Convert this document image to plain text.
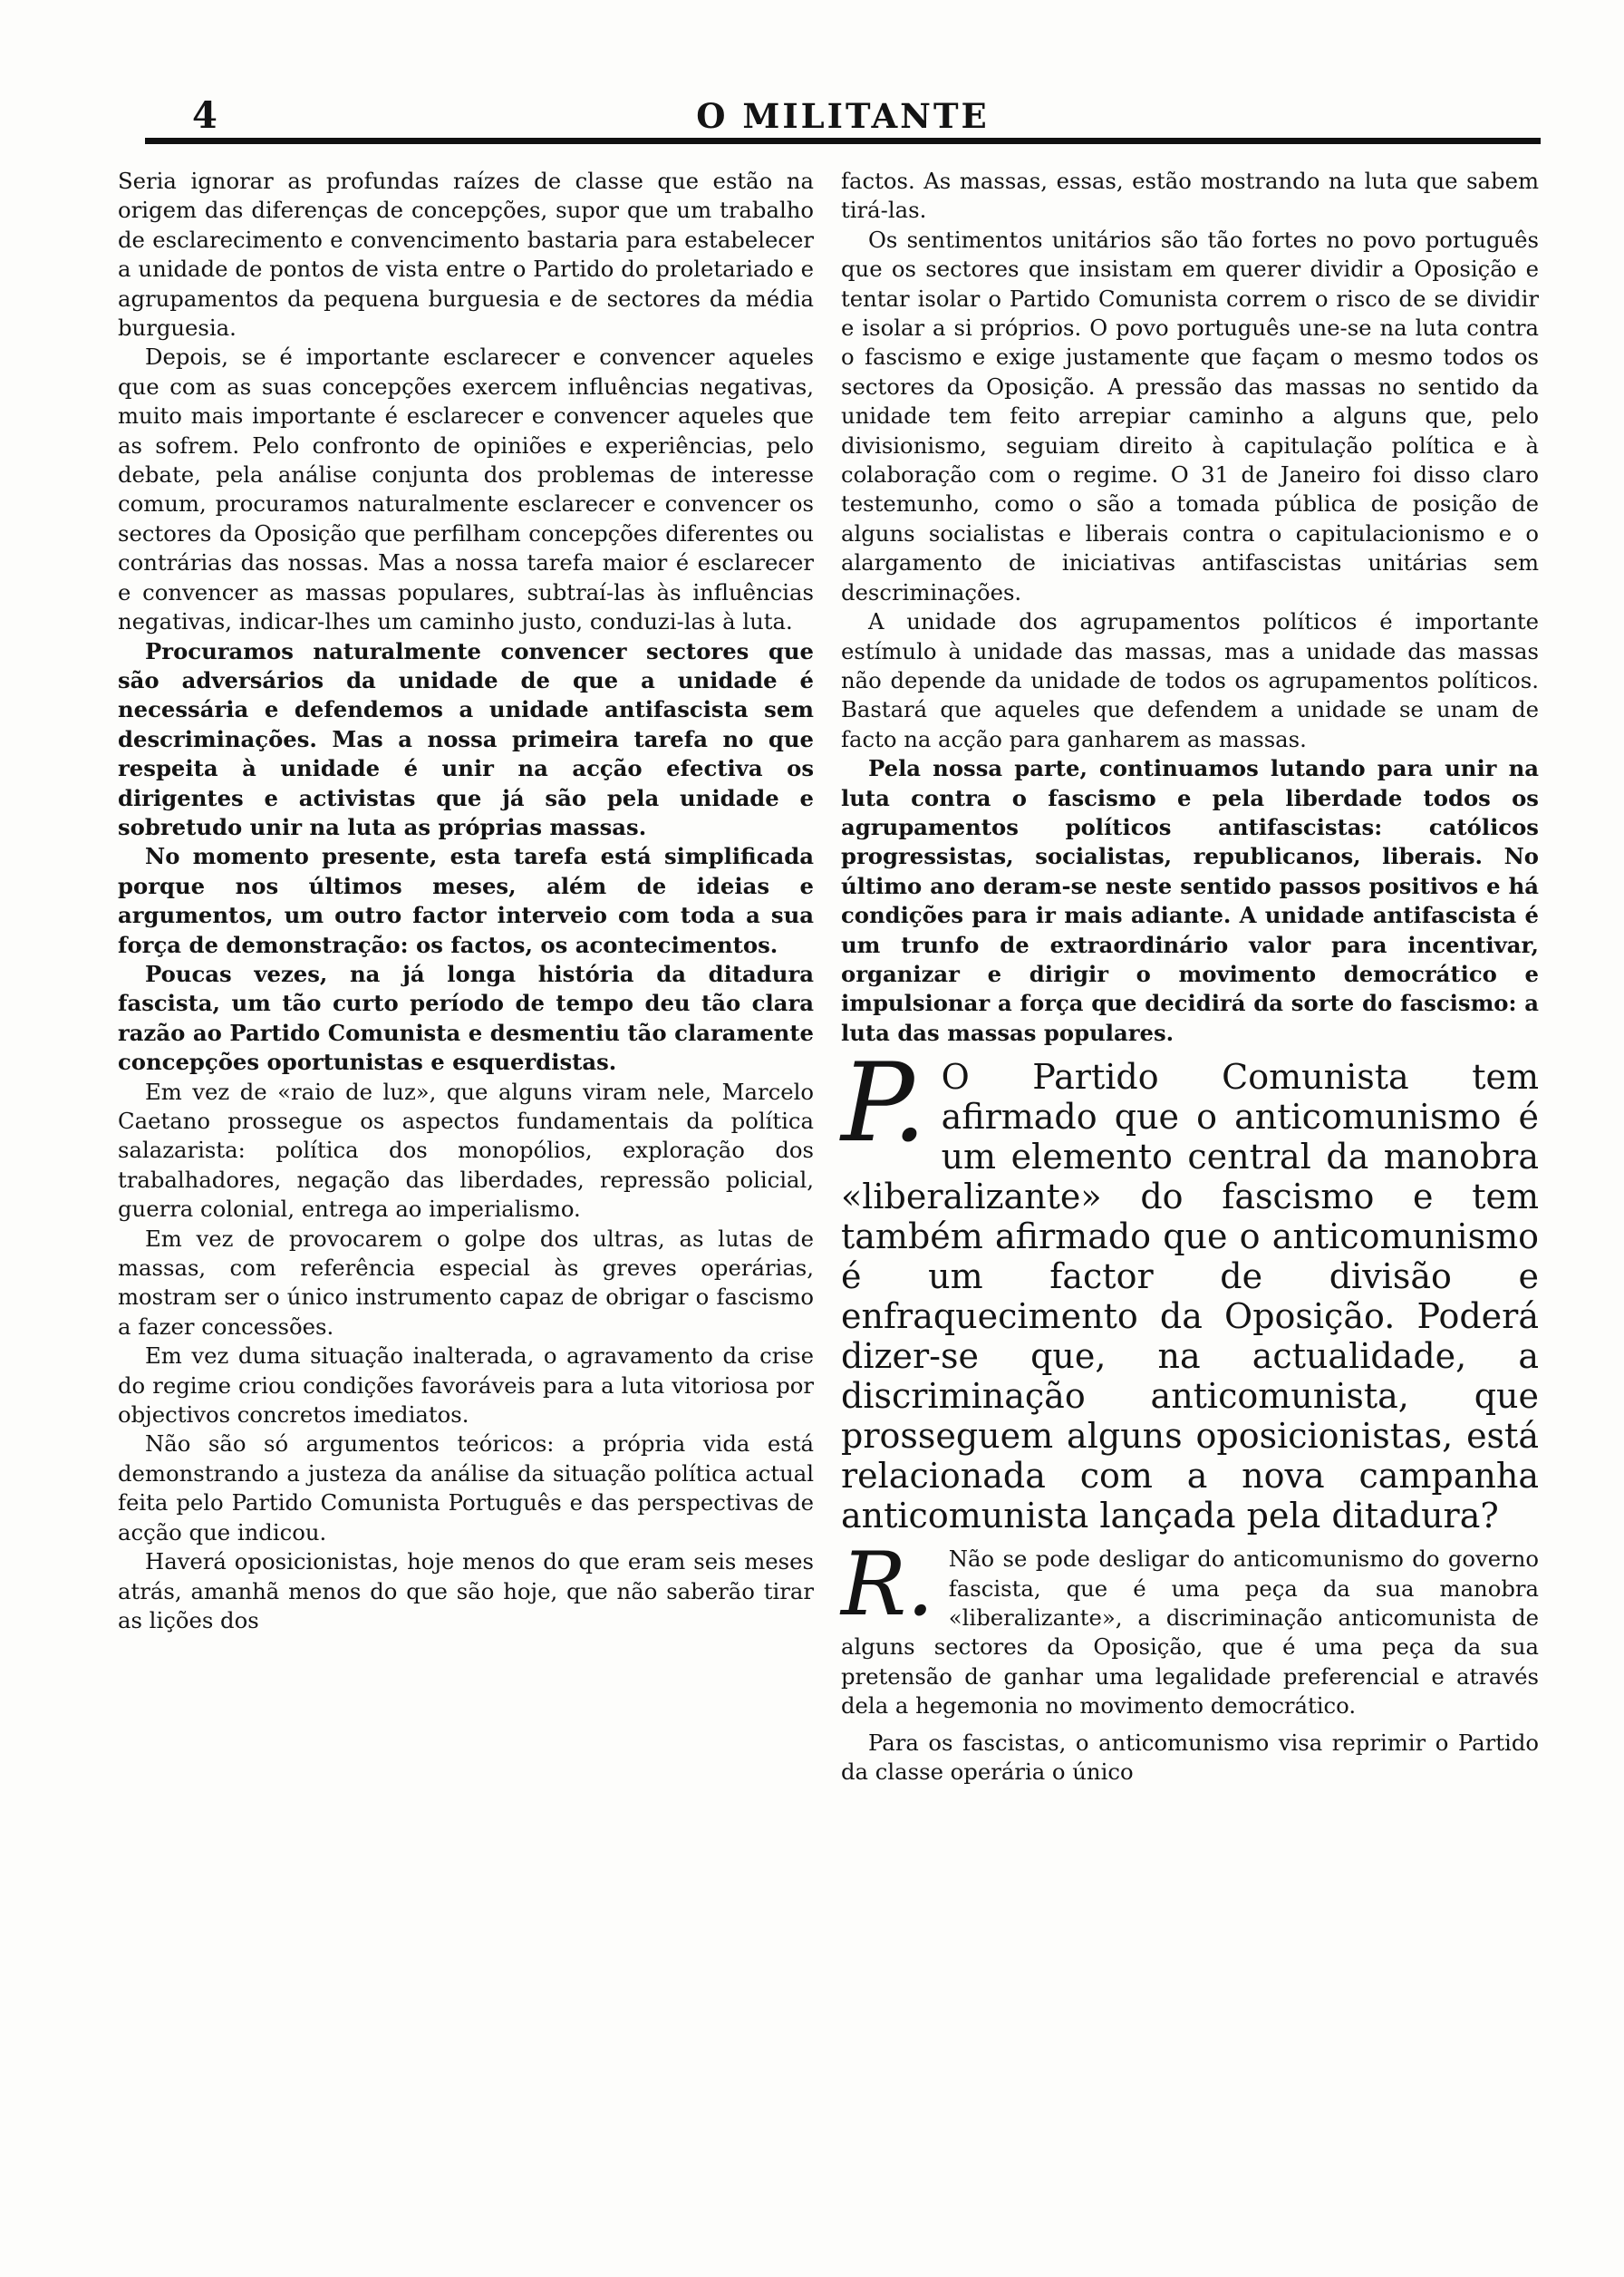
4	O MILITANTE

Seria ignorar as profundas raízes de classe que estão na origem das diferenças de concepções, supor que um trabalho de esclarecimento e convencimento bastaria para estabelecer a unidade de pontos de vista entre o Partido do proletariado e agrupamentos da pequena burguesia e de sectores da média burguesia.

Depois, se é importante esclarecer e convencer aqueles que com as suas concepções exercem influências negativas, muito mais importante é esclarecer e convencer aqueles que as sofrem. Pelo confronto de opiniões e experiências, pelo debate, pela análise conjunta dos problemas de interesse comum, procuramos naturalmente esclarecer e convencer os sectores da Oposição que perfilham concepções diferentes ou contrárias das nossas. Mas a nossa tarefa maior é esclarecer e convencer as massas populares, subtraí-las às influências negativas, indicar-lhes um caminho justo, conduzi-las à luta.

Procuramos naturalmente convencer sectores que são adversários da unidade de que a unidade é necessária e defendemos a unidade antifascista sem descriminações. Mas a nossa primeira tarefa no que respeita à unidade é unir na acção efectiva os dirigentes e activistas que já são pela unidade e sobretudo unir na luta as próprias massas.

No momento presente, esta tarefa está simplificada porque nos últimos meses, além de ideias e argumentos, um outro factor interveio com toda a sua força de demonstração: os factos, os acontecimentos.

Poucas vezes, na já longa história da ditadura fascista, um tão curto período de tempo deu tão clara razão ao Partido Comunista e desmentiu tão claramente concepções oportunistas e esquerdistas.

Em vez de «raio de luz», que alguns viram nele, Marcelo Caetano prossegue os aspectos fundamentais da política salazarista: política dos monopólios, exploração dos trabalhadores, negação das liberdades, repressão policial, guerra colonial, entrega ao imperialismo.

Em vez de provocarem o golpe dos ultras, as lutas de massas, com referência especial às greves operárias, mostram ser o único instrumento capaz de obrigar o fascismo a fazer concessões.

Em vez duma situação inalterada, o agravamento da crise do regime criou condições favoráveis para a luta vitoriosa por objectivos concretos imediatos.

Não são só argumentos teóricos: a própria vida está demonstrando a justeza da análise da situação política actual feita pelo Partido Comunista Português e das perspectivas de acção que indicou.

Haverá oposicionistas, hoje menos do que eram seis meses atrás, amanhã menos do que são hoje, que não saberão tirar as lições dos

factos. As massas, essas, estão mostrando na luta que sabem tirá-las.

Os sentimentos unitários são tão fortes no povo português que os sectores que insistam em querer dividir a Oposição e tentar isolar o Partido Comunista correm o risco de se dividir e isolar a si próprios. O povo português une-se na luta contra o fascismo e exige justamente que façam o mesmo todos os sectores da Oposição. A pressão das massas no sentido da unidade tem feito arrepiar caminho a alguns que, pelo divisionismo, seguiam direito à capitulação política e à colaboração com o regime. O 31 de Janeiro foi disso claro testemunho, como o são a tomada pública de posição de alguns socialistas e liberais contra o capitulacionismo e o alargamento de iniciativas antifascistas unitárias sem descriminações.

A unidade dos agrupamentos políticos é importante estímulo à unidade das massas, mas a unidade das massas não depende da unidade de todos os agrupamentos políticos. Bastará que aqueles que defendem a unidade se unam de facto na acção para ganharem as massas.

Pela nossa parte, continuamos lutando para unir na luta contra o fascismo e pela liberdade todos os agrupamentos políticos antifascistas: católicos progressistas, socialistas, republicanos, liberais. No último ano deram-se neste sentido passos positivos e há condições para ir mais adiante. A unidade antifascista é um trunfo de extraordinário valor para incentivar, organizar e dirigir o movimento democrático e impulsionar a força que decidirá da sorte do fascismo: a luta das massas populares.

P. O Partido Comunista tem afirmado que o anticomunismo é um elemento central da manobra «liberalizante» do fascismo e tem também afirmado que o anticomunismo é um factor de divisão e enfraquecimento da Oposição. Poderá dizer-se que, na actualidade, a discriminação anticomunista, que prosseguem alguns oposicionistas, está relacionada com a nova campanha anticomunista lançada pela ditadura?
R. Não se pode desligar do anticomunismo do governo fascista, que é uma peça da sua manobra «liberalizante», a discriminação anticomunista de alguns sectores da Oposição, que é uma peça da sua pretensão de ganhar uma legalidade preferencial e através dela a hegemonia no movimento democrático.

Para os fascistas, o anticomunismo visa reprimir o Partido da classe operária o único
